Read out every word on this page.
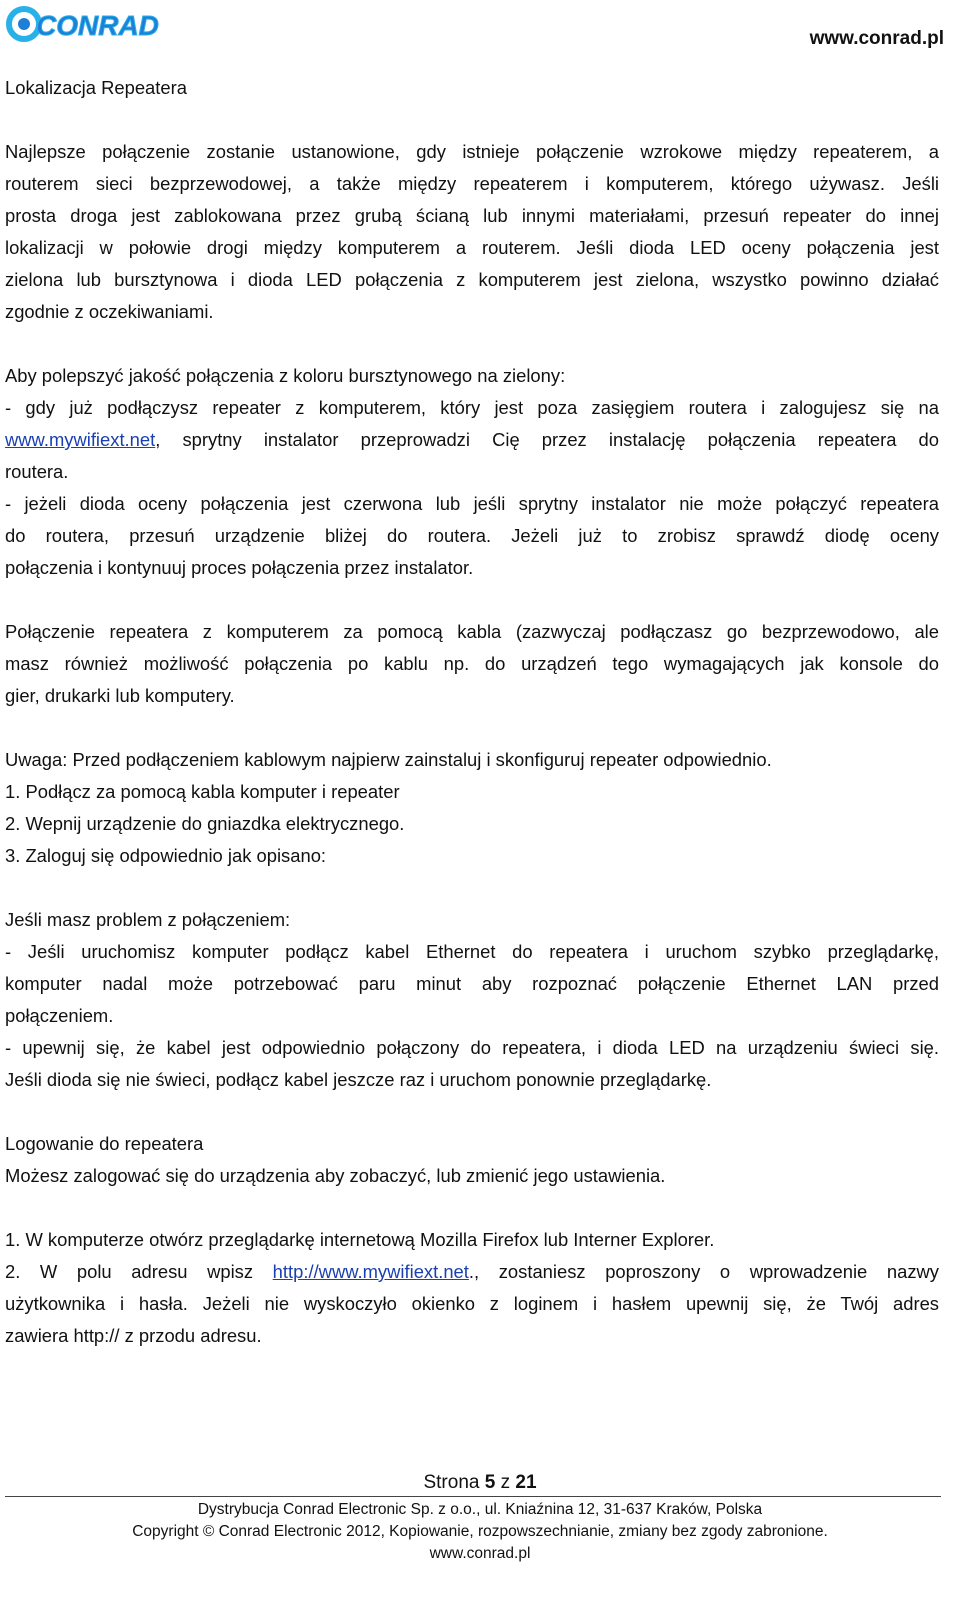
CONRAD	www.conrad.pl
Lokalizacja Repeatera
Najlepsze połączenie zostanie ustanowione, gdy istnieje połączenie wzrokowe między repeaterem, a
routerem sieci bezprzewodowej, a także między repeaterem i komputerem, którego używasz. Jeśli
prosta droga jest zablokowana przez grubą ścianą lub innymi materiałami, przesuń repeater do innej
lokalizacji w połowie drogi między komputerem a routerem. Jeśli dioda LED oceny połączenia jest
zielona lub bursztynowa i dioda LED połączenia z komputerem jest zielona, wszystko powinno działać
zgodnie z oczekiwaniami.
Aby polepszyć jakość połączenia z koloru bursztynowego na zielony:
- gdy już podłączysz repeater z komputerem, który jest poza zasięgiem routera i zalogujesz się na
www.mywifiext.net, sprytny instalator przeprowadzi Cię przez instalację połączenia repeatera do
routera.
- jeżeli dioda oceny połączenia jest czerwona lub jeśli sprytny instalator nie może połączyć repeatera
do routera, przesuń urządzenie bliżej do routera. Jeżeli już to zrobisz sprawdź diodę oceny
połączenia i kontynuuj proces połączenia przez instalator.
Połączenie repeatera z komputerem za pomocą kabla (zazwyczaj podłączasz go bezprzewodowo, ale
masz również możliwość połączenia po kablu np. do urządzeń tego wymagających jak konsole do
gier, drukarki lub komputery.
Uwaga: Przed podłączeniem kablowym najpierw zainstaluj i skonfiguruj repeater odpowiednio.
1. Podłącz za pomocą kabla komputer i repeater
2. Wepnij urządzenie do gniazdka elektrycznego.
3. Zaloguj się odpowiednio jak opisano:
Jeśli masz problem z połączeniem:
- Jeśli uruchomisz komputer podłącz kabel Ethernet do repeatera i uruchom szybko przeglądarkę,
komputer nadal może potrzebować paru minut aby rozpoznać połączenie Ethernet LAN przed
połączeniem.
- upewnij się, że kabel jest odpowiednio połączony do repeatera, i dioda LED na urządzeniu świeci się.
Jeśli dioda się nie świeci, podłącz kabel jeszcze raz i uruchom ponownie przeglądarkę.
Logowanie do repeatera
Możesz zalogować się do urządzenia aby zobaczyć, lub zmienić jego ustawienia.
1. W komputerze otwórz przeglądarkę internetową Mozilla Firefox lub Interner Explorer.
2. W polu adresu wpisz http://www.mywifiext.net., zostaniesz poproszony o wprowadzenie nazwy
użytkownika i hasła. Jeżeli nie wyskoczyło okienko z loginem i hasłem upewnij się, że Twój adres
zawiera http:// z przodu adresu.
Strona 5 z 21
Dystrybucja Conrad Electronic Sp. z o.o., ul. Kniaźnina 12, 31-637 Kraków, Polska
Copyright © Conrad Electronic 2012, Kopiowanie, rozpowszechnianie, zmiany bez zgody zabronione.
www.conrad.pl
